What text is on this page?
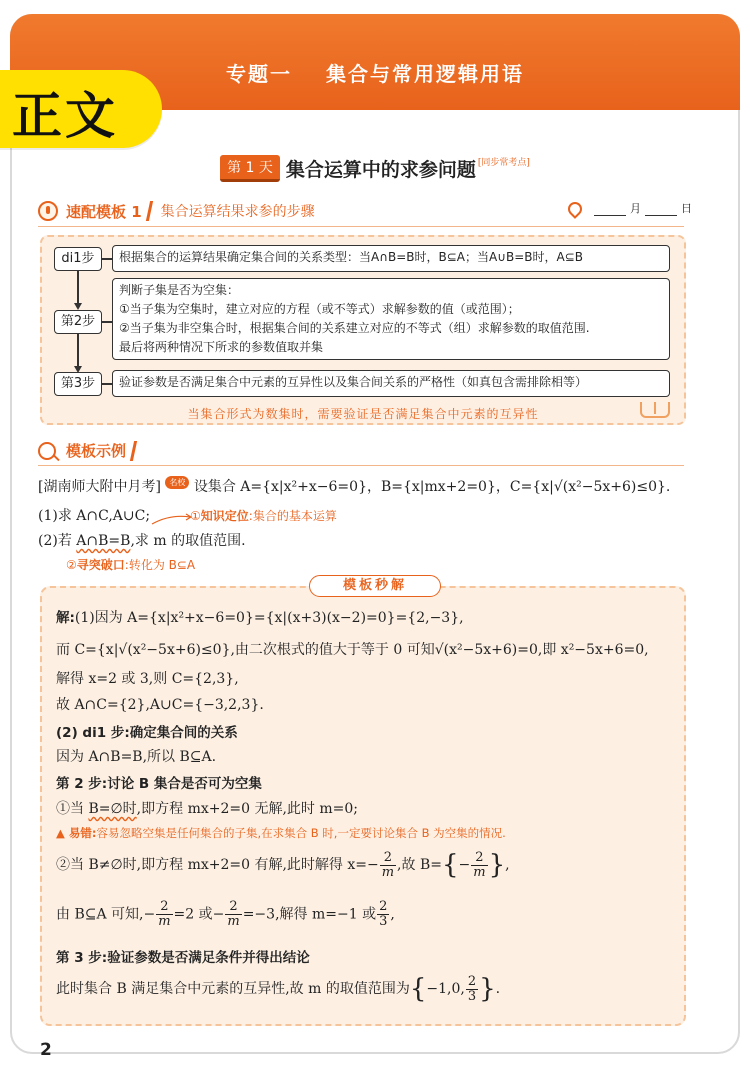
专题一 集合与常用逻辑用语
正文
第 1 天 集合运算中的求参问题 [同步常考点]
速配模板 1 集合运算结果求参的步骤	月	日
di1步	根据集合的运算结果确定集合间的关系类型：当A∩B=B时，B⊆A；当A∪B=B时，A⊆B
第2步
判断子集是否为空集：
①当子集为空集时，建立对应的方程（或不等式）求解参数的值（或范围）；
②当子集为非空集合时，根据集合间的关系建立对应的不等式（组）求解参数的取值范围.
最后将两种情况下所求的参数值取并集
第3步	验证参数是否满足集合中元素的互异性以及集合间关系的严格性（如真包含需排除相等）
当集合形式为数集时，需要验证是否满足集合中元素的互异性
模板示例
[湖南师大附中月考] 名校 设集合 A={x|x²+x−6=0}，B={x|mx+2=0}，C={x|√(x²−5x+6)≤0}.
(1)求 A∩C,A∪C;	①知识定位:集合的基本运算
(2)若 A∩B=B,求 m 的取值范围.
②寻突破口:转化为 B⊆A
解:(1)因为 A={x|x²+x−6=0}={x|(x+3)(x−2)=0}={2,−3},
而 C={x|√(x²−5x+6)≤0},由二次根式的值大于等于 0 可知√(x²−5x+6)=0,即 x²−5x+6=0,
解得 x=2 或 3,则 C={2,3},
故 A∩C={2},A∪C={−3,2,3}.
(2) di1 步:确定集合间的关系
因为 A∩B=B,所以 B⊆A.
第 2 步:讨论 B 集合是否可为空集
①当 B=∅时,即方程 mx+2=0 无解,此时 m=0;
▲ 易错:容易忽略空集是任何集合的子集,在求集合 B 时,一定要讨论集合 B 为空集的情况.
②当 B≠∅时,即方程 mx+2=0 有解,此时解得 $x=- \frac{2}{m}$ ,故 $B=\{- \frac{2}{m}$ },
由 B⊆A 可知,− $\frac{2}{m} =2$ 或− $\frac{2}{m} =-3$,解得 m=−1 或 $\frac{2}{3}$ ,
第 3 步:验证参数是否满足条件并得出结论
此时集合 B 满足集合中元素的互异性,故 m 的取值范围为{−1,0, $\frac{2}{3}$ }.
模板秒解
2
